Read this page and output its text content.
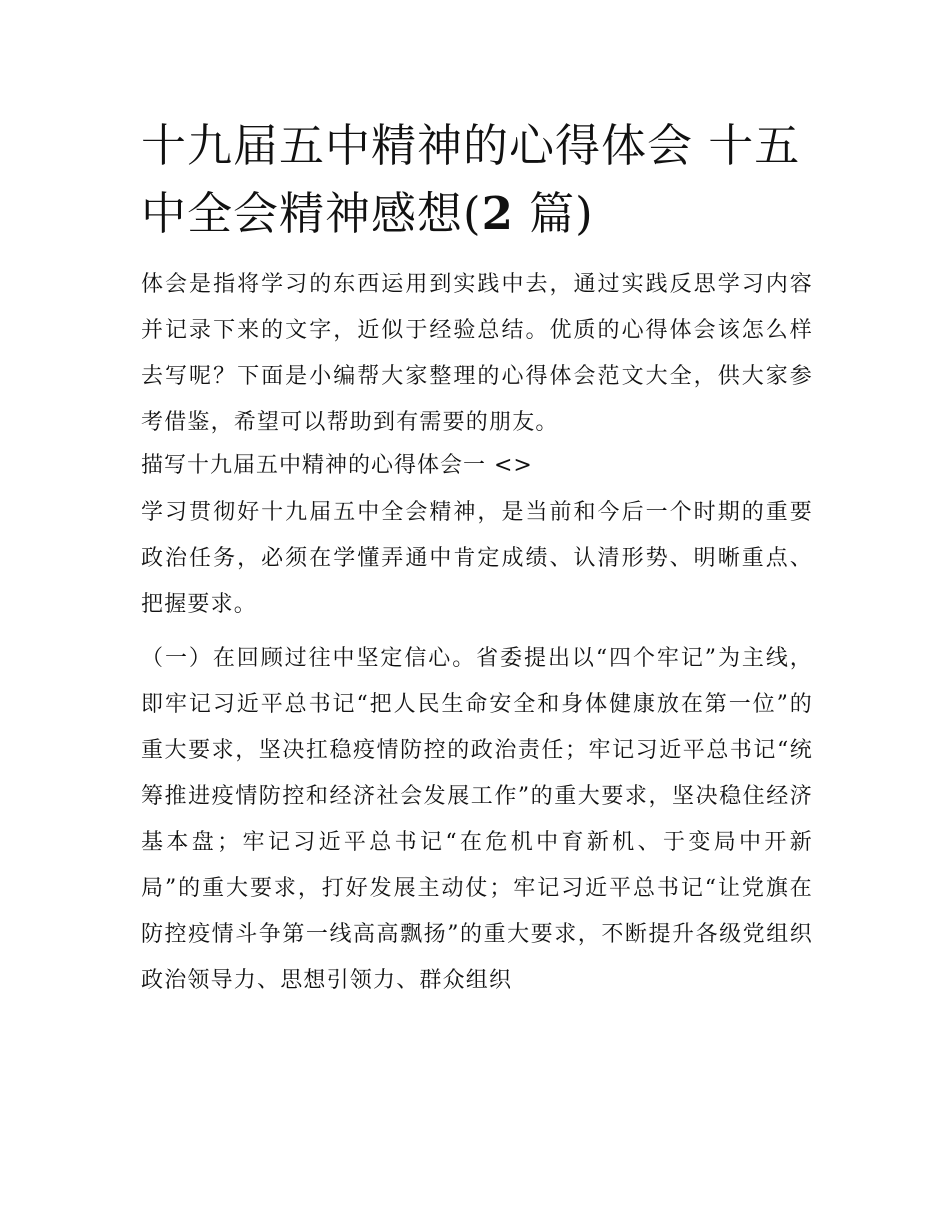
十九届五中精神的心得体会 十五中全会精神感想(2 篇)

体会是指将学习的东西运用到实践中去，通过实践反思学习内容并记录下来的文字，近似于经验总结。优质的心得体会该怎么样去写呢？下面是小编帮大家整理的心得体会范文大全，供大家参考借鉴，希望可以帮助到有需要的朋友。

描写十九届五中精神的心得体会一 <>

学习贯彻好十九届五中全会精神，是当前和今后一个时期的重要政治任务，必须在学懂弄通中肯定成绩、认清形势、明晰重点、把握要求。

（一）在回顾过往中坚定信心。省委提出以“四个牢记”为主线，即牢记习近平总书记“把人民生命安全和身体健康放在第一位”的重大要求，坚决扛稳疫情防控的政治责任；牢记习近平总书记“统筹推进疫情防控和经济社会发展工作”的重大要求，坚决稳住经济基本盘；牢记习近平总书记“在危机中育新机、于变局中开新局”的重大要求，打好发展主动仗；牢记习近平总书记“让党旗在防控疫情斗争第一线高高飘扬”的重大要求，不断提升各级党组织政治领导力、思想引领力、群众组织
